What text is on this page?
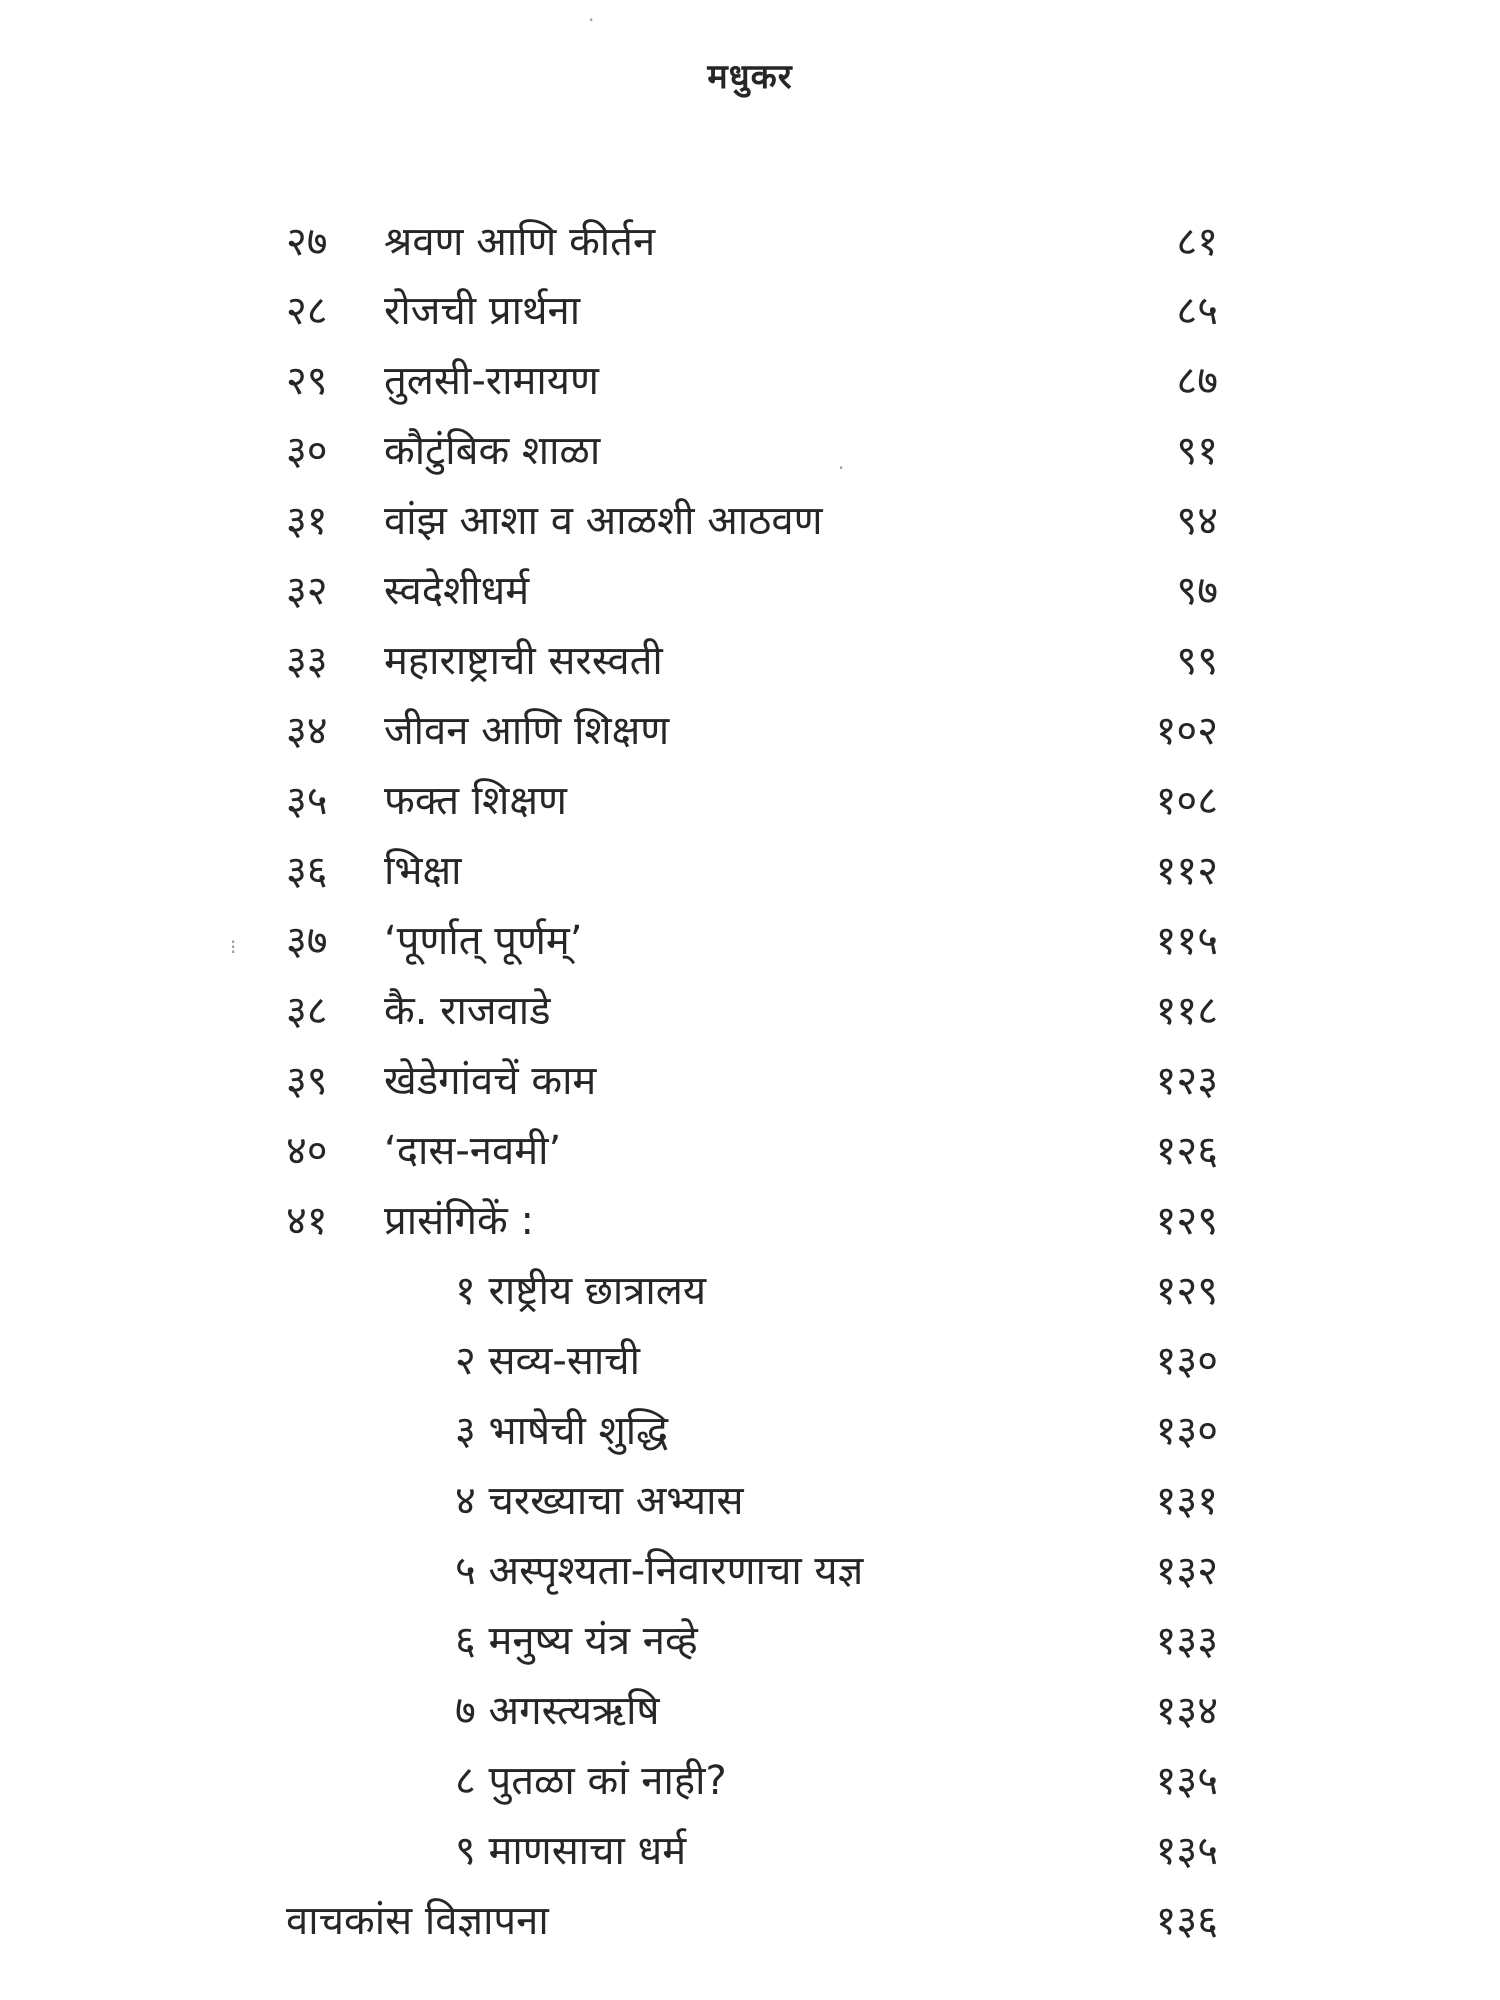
मधुकर
२७	श्रवण आणि कीर्तन	८१
२८	रोजची प्रार्थना	८५
२९	तुलसी-रामायण	८७
३०	कौटुंबिक शाळा	९१
३१	वांझ आशा व आळशी आठवण	९४
३२	स्वदेशीधर्म	९७
३३	महाराष्ट्राची सरस्वती	९९
३४	जीवन आणि शिक्षण	१०२
३५	फक्त शिक्षण	१०८
३६	भिक्षा	११२
३७	‘पूर्णात् पूर्णम्’	११५
३८	कै. राजवाडे	११८
३९	खेडेगांवचें काम	१२३
४०	‘दास-नवमी’	१२६
४१	प्रासंगिकें :	१२९
१ राष्ट्रीय छात्रालय	१२९
२ सव्य-साची	१३०
३ भाषेची शुद्धि	१३०
४ चरख्याचा अभ्यास	१३१
५ अस्पृश्यता-निवारणाचा यज्ञ	१३२
६ मनुष्य यंत्र नव्हे	१३३
७ अगस्त्यऋषि	१३४
८ पुतळा कां नाही?	१३५
९ माणसाचा धर्म	१३५
वाचकांस विज्ञापना	१३६
·
⁝
·
